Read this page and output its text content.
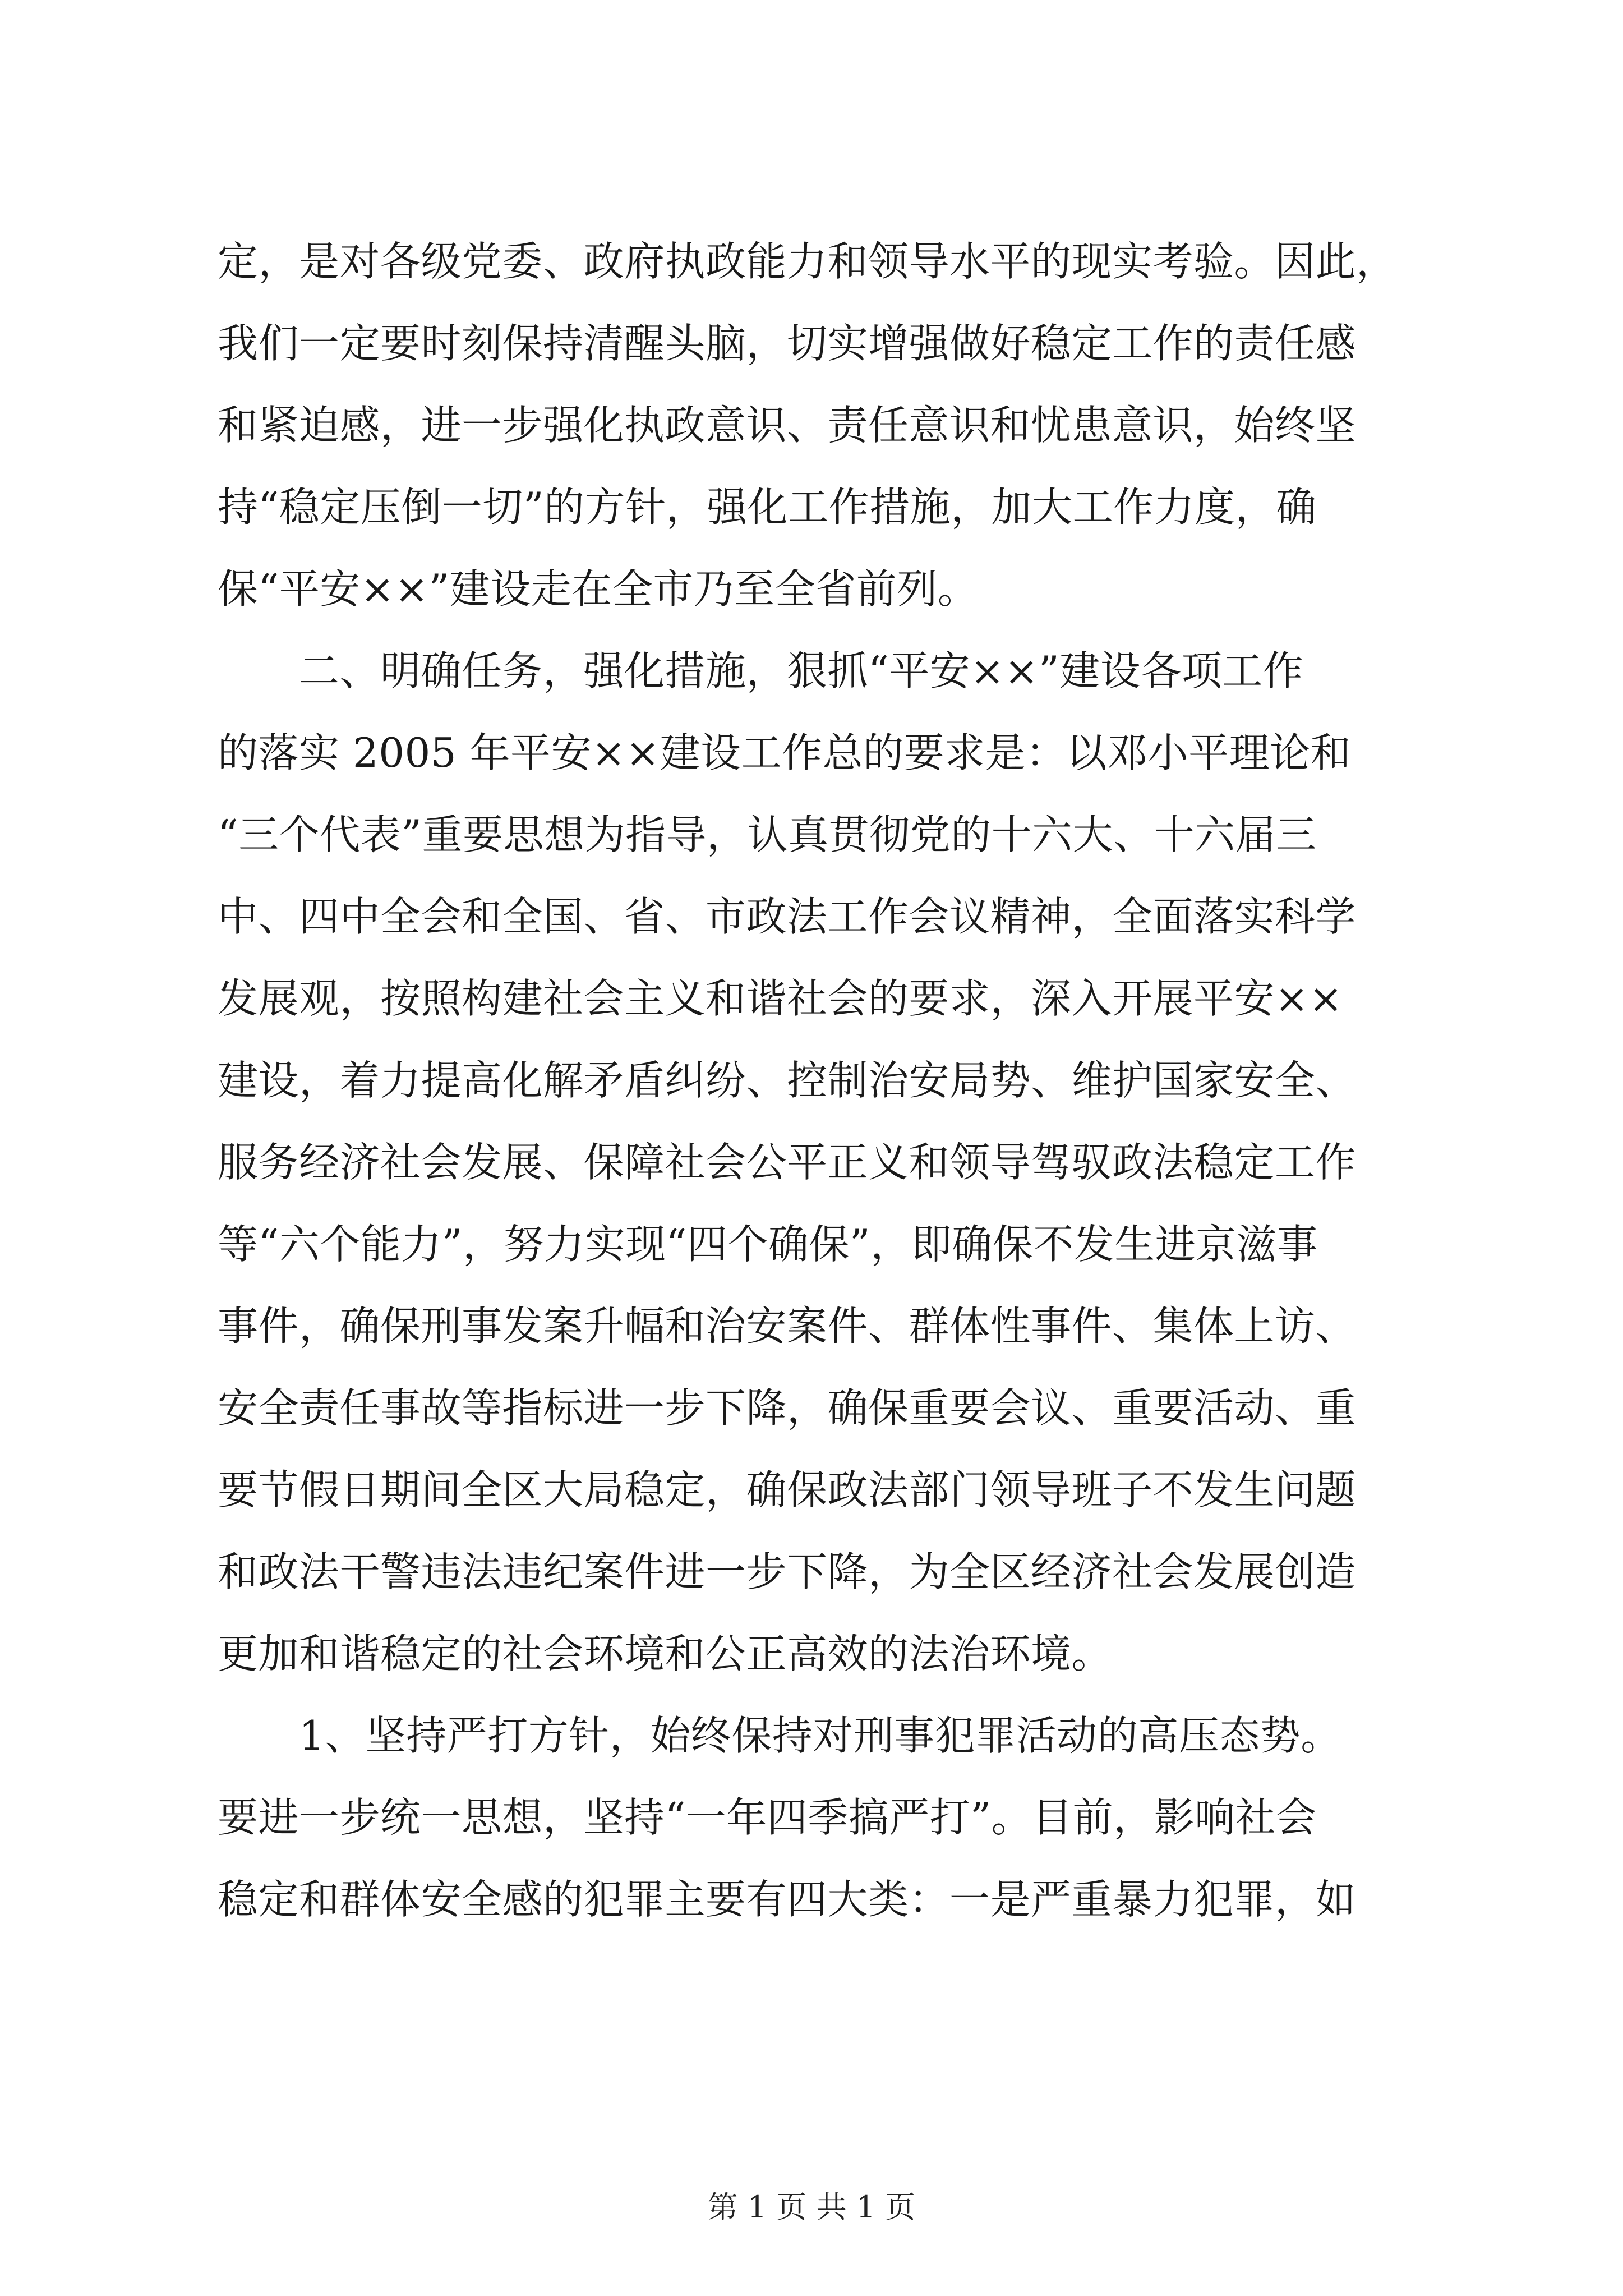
定，是对各级党委、政府执政能力和领导水平的现实考验。因此，
我们一定要时刻保持清醒头脑，切实增强做好稳定工作的责任感
和紧迫感，进一步强化执政意识、责任意识和忧患意识，始终坚
持“稳定压倒一切”的方针，强化工作措施，加大工作力度，确
保“平安××”建设走在全市乃至全省前列。
　　二、明确任务，强化措施，狠抓“平安××”建设各项工作
的落实 2005 年平安××建设工作总的要求是：以邓小平理论和
“三个代表”重要思想为指导，认真贯彻党的十六大、十六届三
中、四中全会和全国、省、市政法工作会议精神，全面落实科学
发展观，按照构建社会主义和谐社会的要求，深入开展平安××
建设，着力提高化解矛盾纠纷、控制治安局势、维护国家安全、
服务经济社会发展、保障社会公平正义和领导驾驭政法稳定工作
等“六个能力”，努力实现“四个确保”，即确保不发生进京滋事
事件，确保刑事发案升幅和治安案件、群体性事件、集体上访、
安全责任事故等指标进一步下降，确保重要会议、重要活动、重
要节假日期间全区大局稳定，确保政法部门领导班子不发生问题
和政法干警违法违纪案件进一步下降，为全区经济社会发展创造
更加和谐稳定的社会环境和公正高效的法治环境。
　　1、坚持严打方针，始终保持对刑事犯罪活动的高压态势。
要进一步统一思想，坚持“一年四季搞严打”。目前，影响社会
稳定和群体安全感的犯罪主要有四大类：一是严重暴力犯罪，如
第 1 页 共 1 页
